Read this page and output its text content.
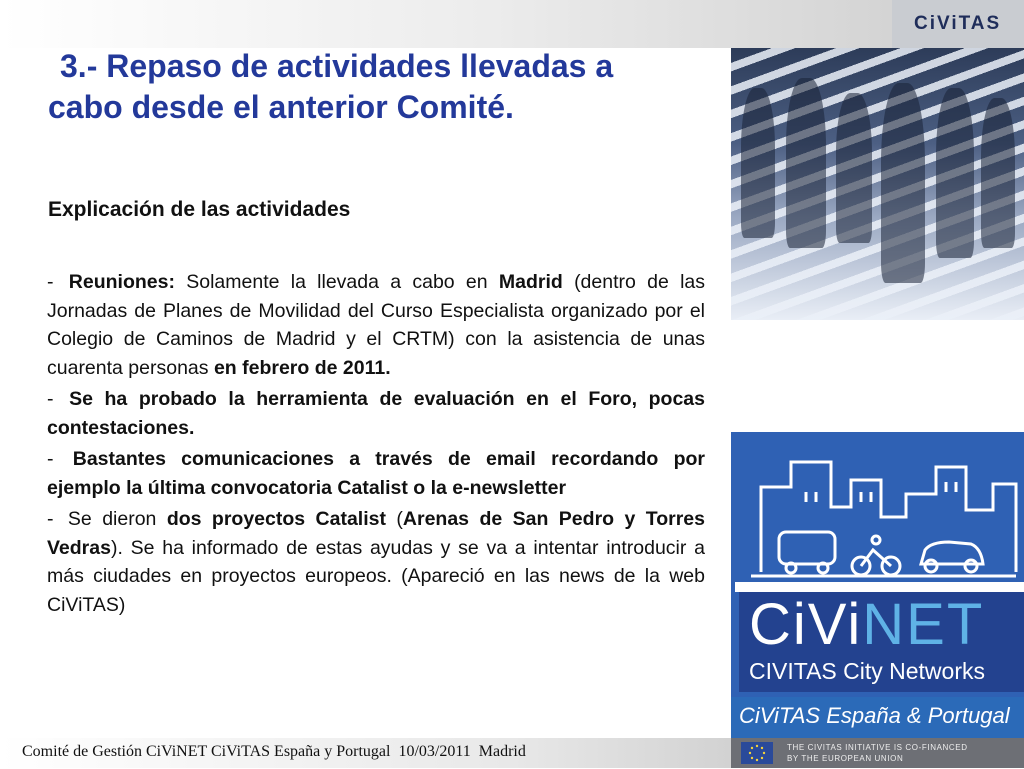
CiViTAS
3.- Repaso de actividades llevadas a
cabo desde el anterior Comité.
Explicación de las actividades

- Reuniones: Solamente la llevada a cabo en Madrid (dentro de las Jornadas de Planes de Movilidad del Curso Especialista organizado por el Colegio de Caminos de Madrid y el CRTM) con la asistencia de unas cuarenta personas en febrero de 2011.

- Se ha probado la herramienta de evaluación en el Foro, pocas contestaciones.

- Bastantes comunicaciones a través de email recordando por ejemplo la última convocatoria Catalist o la e-newsletter

- Se dieron dos proyectos Catalist (Arenas de San Pedro y Torres Vedras). Se ha informado de estas ayudas y se va a intentar introducir a más ciudades en proyectos europeos. (Apareció en las news de la web CiViTAS)	CiViNET
CIVITAS City Networks
CiViTAS España & Portugal
Comité de Gestión CiViNET CiViTAS España y Portugal  10/03/2011  Madrid	THE CIVITAS INITIATIVE IS CO-FINANCED
BY THE EUROPEAN UNION
